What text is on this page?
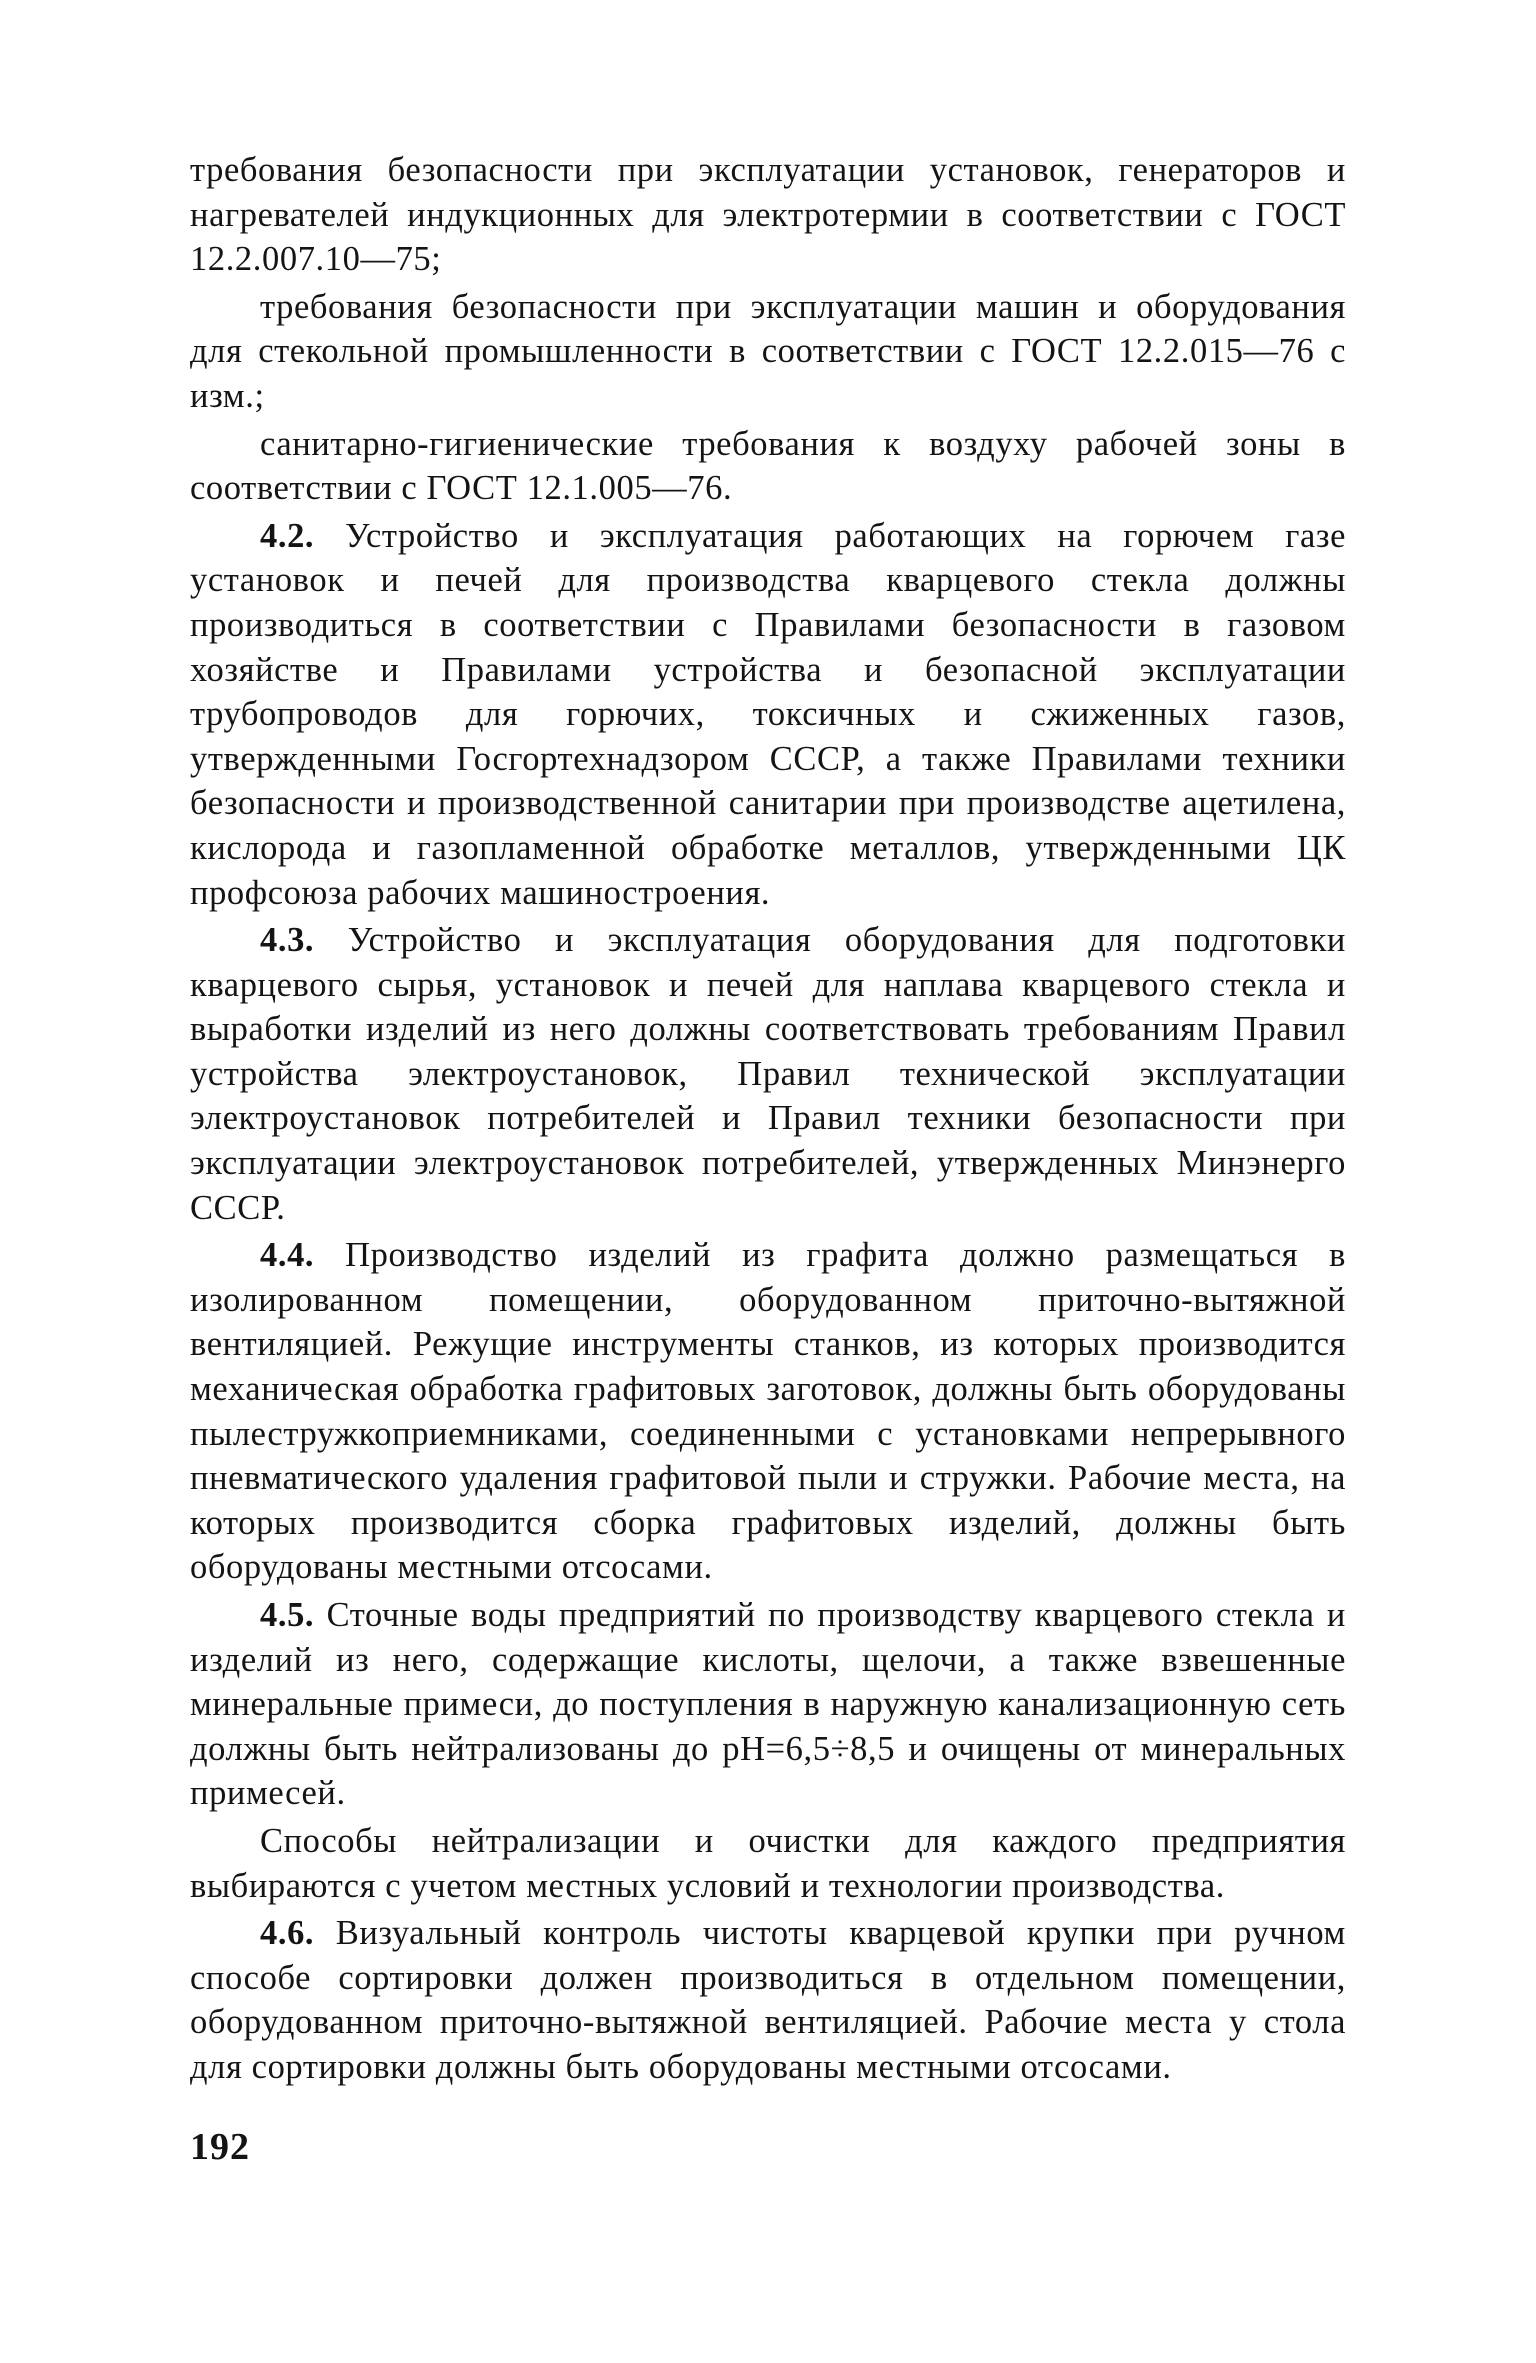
требования безопасности при эксплуатации установок, генераторов и нагревателей индукционных для электротермии в соответствии с ГОСТ 12.2.007.10—75;

требования безопасности при эксплуатации машин и оборудования для стекольной промышленности в соответствии с ГОСТ 12.2.015—76 с изм.;

санитарно-гигиенические требования к воздуху рабочей зоны в соответствии с ГОСТ 12.1.005—76.

4.2. Устройство и эксплуатация работающих на горючем газе установок и печей для производства кварцевого стекла должны производиться в соответствии с Правилами безопасности в газовом хозяйстве и Правилами устройства и безопасной эксплуатации трубопроводов для горючих, токсичных и сжиженных газов, утвержденными Госгортехнадзором СССР, а также Правилами техники безопасности и производственной санитарии при производстве ацетилена, кислорода и газопламенной обработке металлов, утвержденными ЦК профсоюза рабочих машиностроения.

4.3. Устройство и эксплуатация оборудования для подготовки кварцевого сырья, установок и печей для наплава кварцевого стекла и выработки изделий из него должны соответствовать требованиям Правил устройства электроустановок, Правил технической эксплуатации электроустановок потребителей и Правил техники безопасности при эксплуатации электроустановок потребителей, утвержденных Минэнерго СССР.

4.4. Производство изделий из графита должно размещаться в изолированном помещении, оборудованном приточно-вытяжной вентиляцией. Режущие инструменты станков, из которых производится механическая обработка графитовых заготовок, должны быть оборудованы пылестружкоприемниками, соединенными с установками непрерывного пневматического удаления графитовой пыли и стружки. Рабочие места, на которых производится сборка графитовых изделий, должны быть оборудованы местными отсосами.

4.5. Сточные воды предприятий по производству кварцевого стекла и изделий из него, содержащие кислоты, щелочи, а также взвешенные минеральные примеси, до поступления в наружную канализационную сеть должны быть нейтрализованы до pH=6,5÷8,5 и очищены от минеральных примесей.

Способы нейтрализации и очистки для каждого предприятия выбираются с учетом местных условий и технологии производства.

4.6. Визуальный контроль чистоты кварцевой крупки при ручном способе сортировки должен производиться в отдельном помещении, оборудованном приточно-вытяжной вентиляцией. Рабочие места у стола для сортировки должны быть оборудованы местными отсосами.

192
